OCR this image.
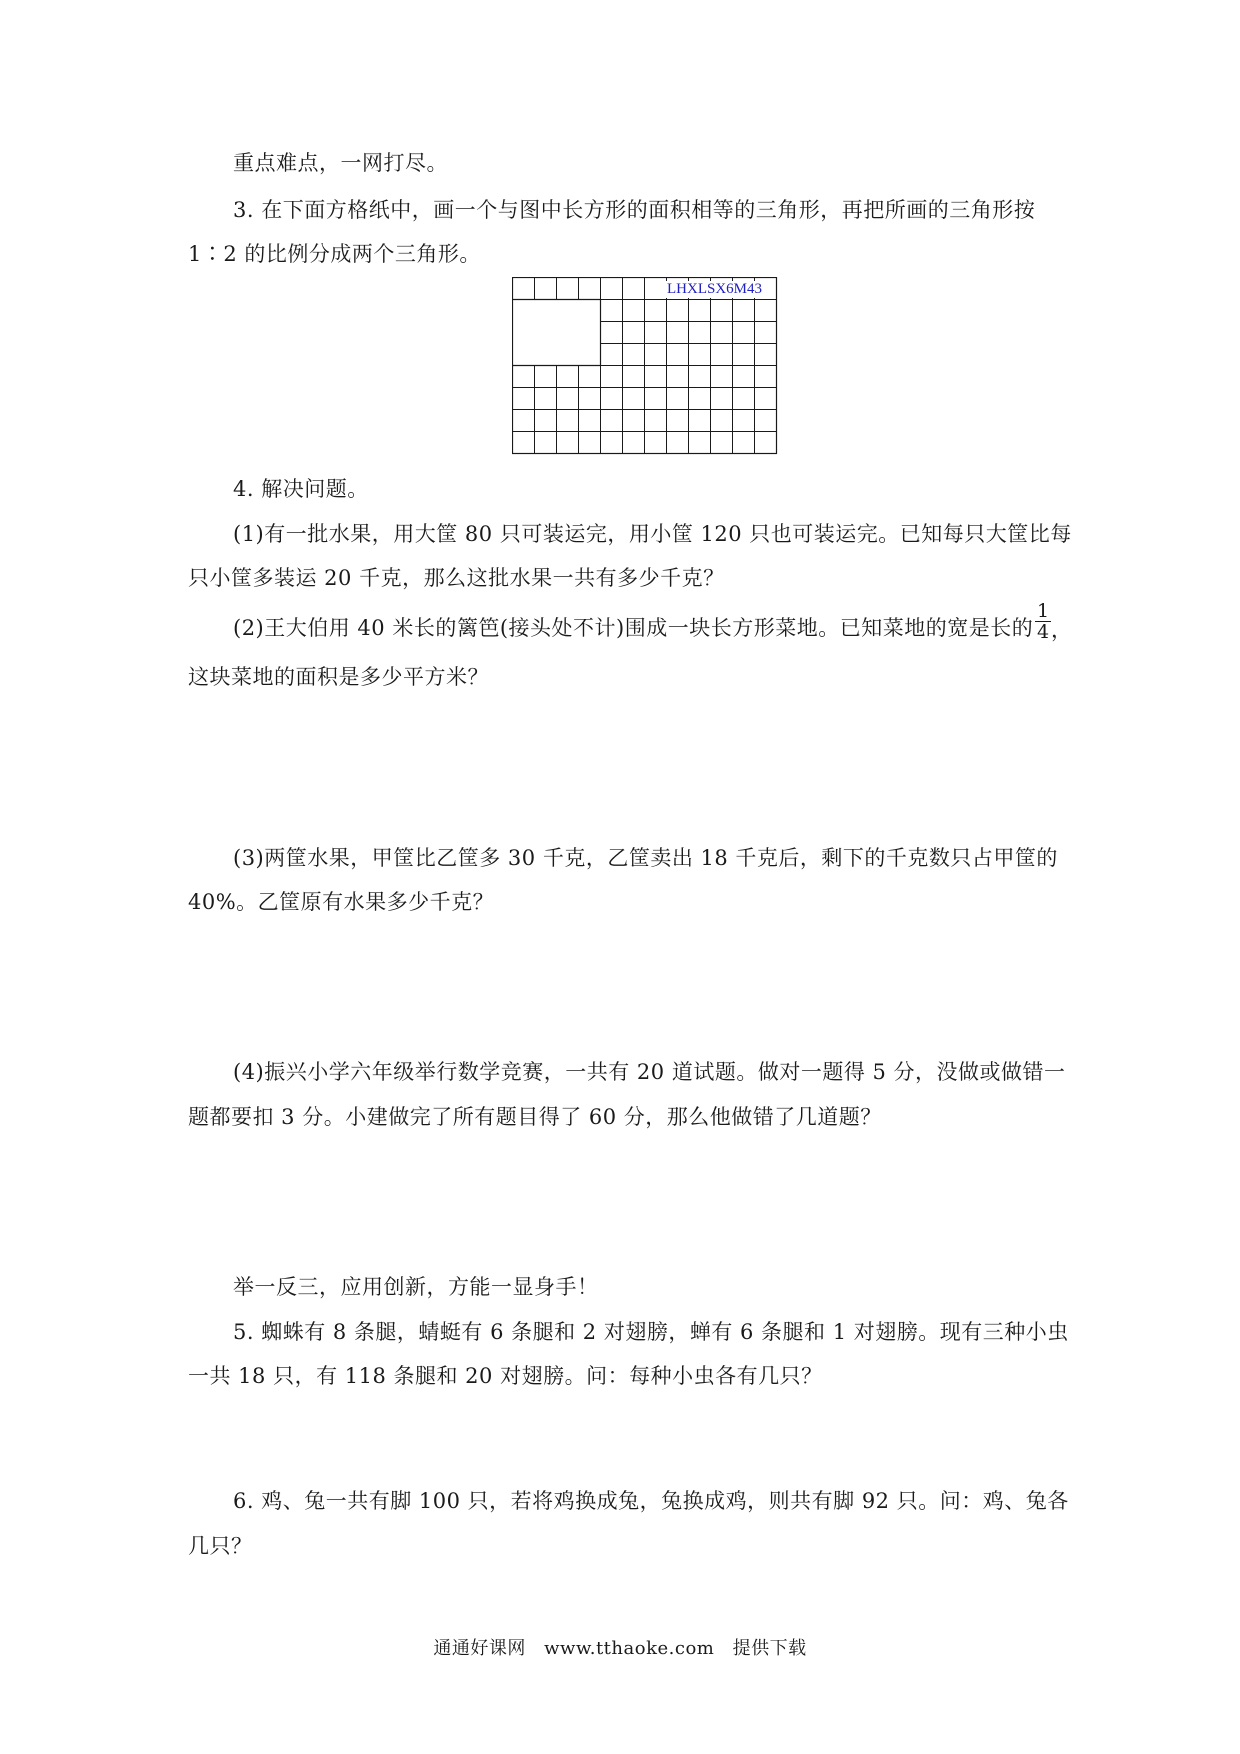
重点难点，一网打尽。
3. 在下面方格纸中，画一个与图中长方形的面积相等的三角形，再把所画的三角形按
1∶2 的比例分成两个三角形。
LHXLSX6M43
4. 解决问题。
(1)有一批水果，用大筐 80 只可装运完，用小筐 120 只也可装运完。已知每只大筐比每
只小筐多装运 20 千克，那么这批水果一共有多少千克？
(2)王大伯用 40 米长的篱笆(接头处不计)围成一块长方形菜地。已知菜地的宽是长的 $\frac{1}{4}$ ，
这块菜地的面积是多少平方米？
(3)两筐水果，甲筐比乙筐多 30 千克，乙筐卖出 18 千克后，剩下的千克数只占甲筐的
40%。乙筐原有水果多少千克？
(4)振兴小学六年级举行数学竞赛，一共有 20 道试题。做对一题得 5 分，没做或做错一
题都要扣 3 分。小建做完了所有题目得了 60 分，那么他做错了几道题？
举一反三，应用创新，方能一显身手！
5. 蜘蛛有 8 条腿，蜻蜓有 6 条腿和 2 对翅膀，蝉有 6 条腿和 1 对翅膀。现有三种小虫
一共 18 只，有 118 条腿和 20 对翅膀。问：每种小虫各有几只？
6. 鸡、兔一共有脚 100 只，若将鸡换成兔，兔换成鸡，则共有脚 92 只。问：鸡、兔各
几只？
通通好课网 www.tthaoke.com 提供下载
